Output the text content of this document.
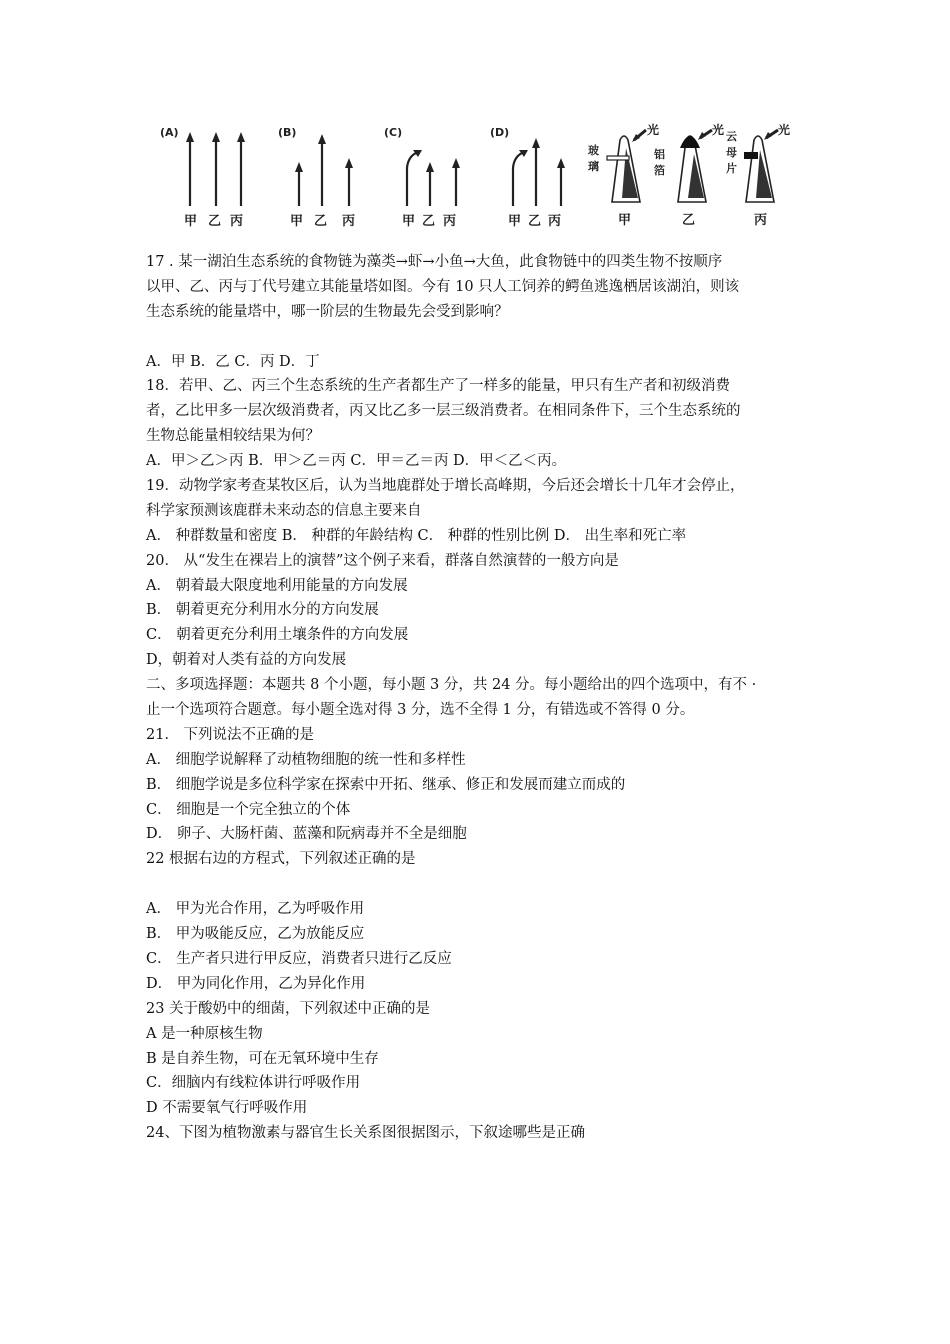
(A)	(B)	(C)	(D)
甲 乙 丙	甲 乙 丙	甲 乙 丙	甲 乙 丙
光
玻
璃
甲
光
铝
箔
乙
光
云
母
片
丙
17 . 某一湖泊生态系统的食物链为藻类→虾→小鱼→大鱼，此食物链中的四类生物不按顺序
以甲、乙、丙与丁代号建立其能量塔如图。今有 10 只人工饲养的鳄鱼逃逸栖居该湖泊，则该
生态系统的能量塔中，哪一阶层的生物最先会受到影响？
A．甲 B．乙 C．丙 D．丁
18．若甲、乙、丙三个生态系统的生产者都生产了一样多的能量，甲只有生产者和初级消费
者，乙比甲多一层次级消费者，丙又比乙多一层三级消费者。在相同条件下，三个生态系统的
生物总能量相较结果为何？
A．甲＞乙＞丙 B．甲＞乙＝丙 C．甲＝乙＝丙 D．甲＜乙＜丙。
19．动物学家考查某牧区后，认为当地鹿群处于增长高峰期，今后还会增长十几年才会停止，
科学家预测该鹿群未来动态的信息主要来自
A． 种群数量和密度 B． 种群的年龄结构 C． 种群的性别比例 D． 出生率和死亡率
20． 从“发生在裸岩上的演替”这个例子来看，群落自然演替的一般方向是
A． 朝着最大限度地利用能量的方向发展
B． 朝着更充分利用水分的方向发展
C． 朝着更充分利用土壤条件的方向发展
D，朝着对人类有益的方向发展
二、多项选择题：本题共 8 个小题，每小题 3 分，共 24 分。每小题给出的四个选项中，有不 ·
止一个选项符合题意。每小题全选对得 3 分，选不全得 1 分，有错选或不答得 0 分。
21． 下列说法不正确的是
A． 细胞学说解释了动植物细胞的统一性和多样性
B． 细胞学说是多位科学家在探索中开拓、继承、修正和发展而建立而成的
C． 细胞是一个完全独立的个体
D． 卵子、大肠杆菌、蓝藻和阮病毒并不全是细胞
22 根据右边的方程式，下列叙述正确的是
A． 甲为光合作用，乙为呼吸作用
B． 甲为吸能反应，乙为放能反应
C． 生产者只进行甲反应，消费者只进行乙反应
D． 甲为同化作用，乙为异化作用
23 关于酸奶中的细菌，下列叙述中正确的是
A 是一种原核生物
B 是自养生物，可在无氧环境中生存
C．细脑内有线粒体讲行呼吸作用
D 不需要氧气行呼吸作用
24、下图为植物激素与器官生长关系图很据图示，下叙途哪些是正确
